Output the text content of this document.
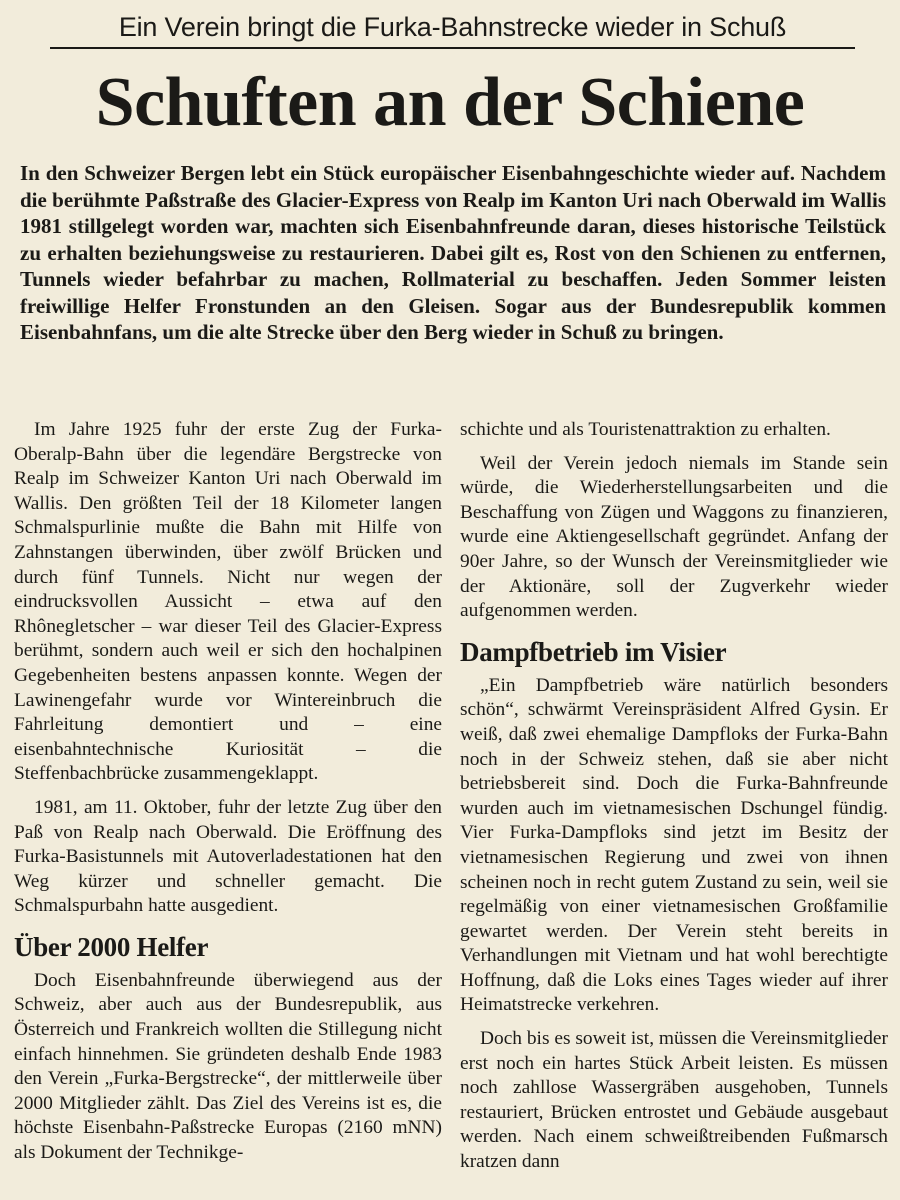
Ein Verein bringt die Furka-Bahnstrecke wieder in Schuß
Schuften an der Schiene
In den Schweizer Bergen lebt ein Stück europäischer Eisenbahngeschichte wieder auf. Nachdem die berühmte Paßstraße des Glacier-Express von Realp im Kanton Uri nach Oberwald im Wallis 1981 stillgelegt worden war, machten sich Eisenbahnfreunde daran, dieses historische Teilstück zu erhalten beziehungsweise zu restaurieren. Dabei gilt es, Rost von den Schienen zu entfernen, Tunnels wieder befahrbar zu machen, Rollmaterial zu beschaffen. Jeden Sommer leisten freiwillige Helfer Fronstunden an den Gleisen. Sogar aus der Bundesrepublik kommen Eisenbahnfans, um die alte Strecke über den Berg wieder in Schuß zu bringen.

Im Jahre 1925 fuhr der erste Zug der Furka-Oberalp-Bahn über die legendäre Bergstrecke von Realp im Schweizer Kanton Uri nach Oberwald im Wallis. Den größten Teil der 18 Kilometer langen Schmalspurlinie mußte die Bahn mit Hilfe von Zahnstangen überwinden, über zwölf Brücken und durch fünf Tunnels. Nicht nur wegen der eindrucksvollen Aussicht – etwa auf den Rhônegletscher – war dieser Teil des Glacier-Express berühmt, sondern auch weil er sich den hochalpinen Gegebenheiten bestens anpassen konnte. Wegen der Lawinengefahr wurde vor Wintereinbruch die Fahrleitung demontiert und – eine eisenbahntechnische Kuriosität – die Steffenbachbrücke zusammengeklappt.

1981, am 11. Oktober, fuhr der letzte Zug über den Paß von Realp nach Oberwald. Die Eröffnung des Furka-Basistunnels mit Autoverladestationen hat den Weg kürzer und schneller gemacht. Die Schmalspurbahn hatte ausgedient.

Über 2000 Helfer

Doch Eisenbahnfreunde überwiegend aus der Schweiz, aber auch aus der Bundesrepublik, aus Österreich und Frankreich wollten die Stillegung nicht einfach hinnehmen. Sie gründeten deshalb Ende 1983 den Verein „Furka-Bergstrecke“, der mittlerweile über 2000 Mitglieder zählt. Das Ziel des Vereins ist es, die höchste Eisenbahn-Paßstrecke Europas (2160 mNN) als Dokument der Technikge-

schichte und als Touristenattraktion zu erhalten.

Weil der Verein jedoch niemals im Stande sein würde, die Wiederherstellungsarbeiten und die Beschaffung von Zügen und Waggons zu finanzieren, wurde eine Aktiengesellschaft gegründet. Anfang der 90er Jahre, so der Wunsch der Vereinsmitglieder wie der Aktionäre, soll der Zugverkehr wieder aufgenommen werden.

Dampfbetrieb im Visier

„Ein Dampfbetrieb wäre natürlich besonders schön“, schwärmt Vereinspräsident Alfred Gysin. Er weiß, daß zwei ehemalige Dampfloks der Furka-Bahn noch in der Schweiz stehen, daß sie aber nicht betriebsbereit sind. Doch die Furka-Bahnfreunde wurden auch im vietnamesischen Dschungel fündig. Vier Furka-Dampfloks sind jetzt im Besitz der vietnamesischen Regierung und zwei von ihnen scheinen noch in recht gutem Zustand zu sein, weil sie regelmäßig von einer vietnamesischen Großfamilie gewartet werden. Der Verein steht bereits in Verhandlungen mit Vietnam und hat wohl berechtigte Hoffnung, daß die Loks eines Tages wieder auf ihrer Heimatstrecke verkehren.

Doch bis es soweit ist, müssen die Vereinsmitglieder erst noch ein hartes Stück Arbeit leisten. Es müssen noch zahllose Wassergräben ausgehoben, Tunnels restauriert, Brücken entrostet und Gebäude ausgebaut werden. Nach einem schweißtreibenden Fußmarsch kratzen dann
